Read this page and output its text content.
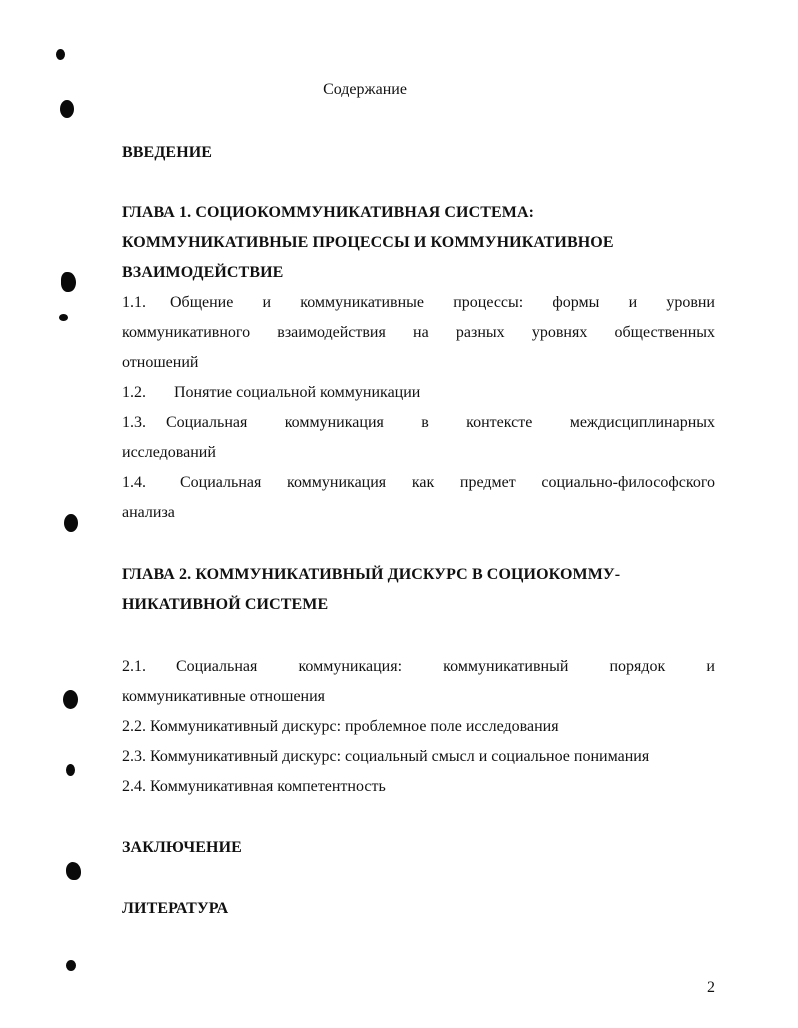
Содержание

ВВЕДЕНИЕ

ГЛАВА 1. СОЦИОКОММУНИКАТИВНАЯ СИСТЕМА:

КОММУНИКАТИВНЫЕ ПРОЦЕССЫ И КОММУНИКАТИВНОЕ

ВЗАИМОДЕЙСТВИЕ

1.1. Общение и коммуникативные процессы: формы и уровни

коммуникативного взаимодействия на разных уровнях общественных

отношений

1.2. Понятие социальной коммуникации

1.3. Социальная коммуникация в контексте междисциплинарных

исследований

1.4. Социальная коммуникация как предмет социально-философского

анализа

ГЛАВА 2. КОММУНИКАТИВНЫЙ ДИСКУРС В СОЦИОКОММУ-

НИКАТИВНОЙ СИСТЕМЕ

2.1. Социальная коммуникация: коммуникативный порядок и

коммуникативные отношения

2.2. Коммуникативный дискурс: проблемное поле исследования

2.3. Коммуникативный дискурс: социальный смысл и социальное понимания

2.4. Коммуникативная компетентность

ЗАКЛЮЧЕНИЕ

ЛИТЕРАТУРА

2
